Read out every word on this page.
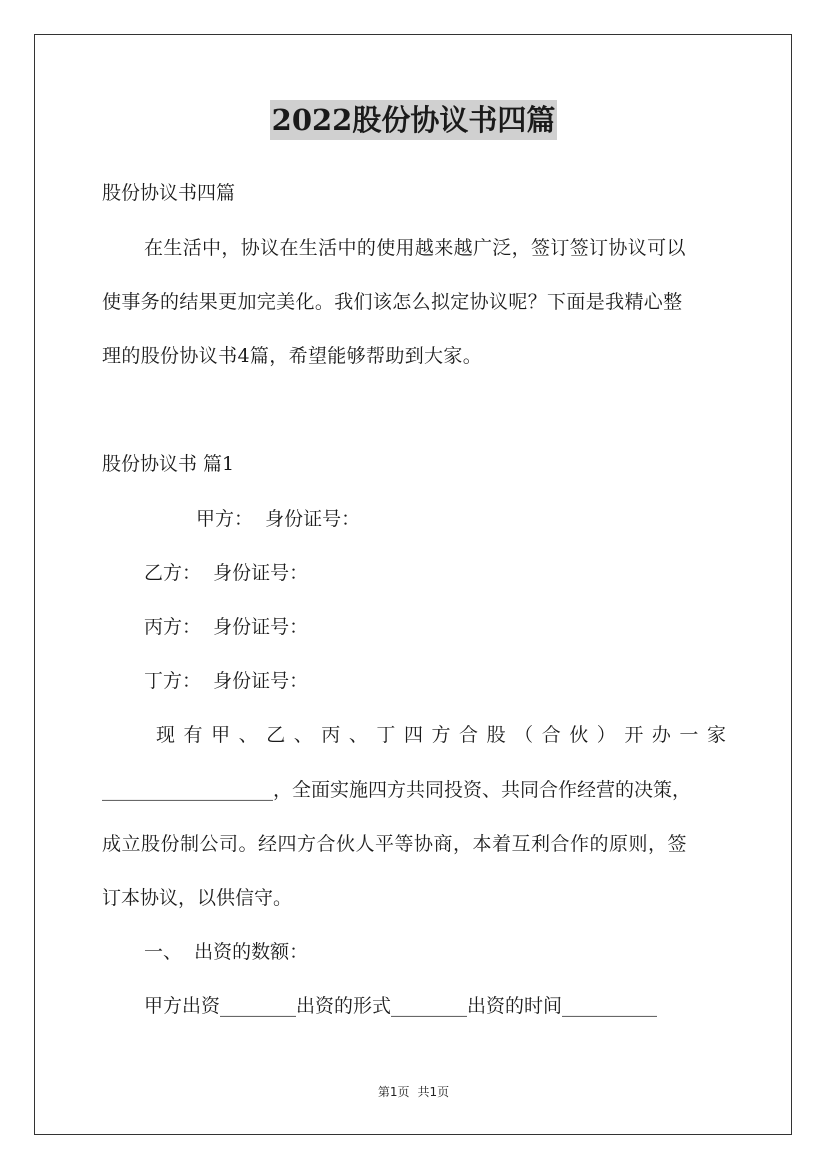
2022股份协议书四篇

股份协议书四篇

在生活中，协议在生活中的使用越来越广泛，签订签订协议可以

使事务的结果更加完美化。我们该怎么拟定协议呢？下面是我精心整

理的股份协议书4篇，希望能够帮助到大家。

股份协议书 篇1

甲方：  身份证号：

乙方：  身份证号：

丙方：  身份证号：

丁方：  身份证号：

现有甲、乙、丙、丁四方合股（合伙）开办一家

__________________，全面实施四方共同投资、共同合作经营的决策，

成立股份制公司。经四方合伙人平等协商，本着互利合作的原则，签

订本协议，以供信守。

一、  出资的数额：

甲方出资________出资的形式________出资的时间__________

第1页 共1页
